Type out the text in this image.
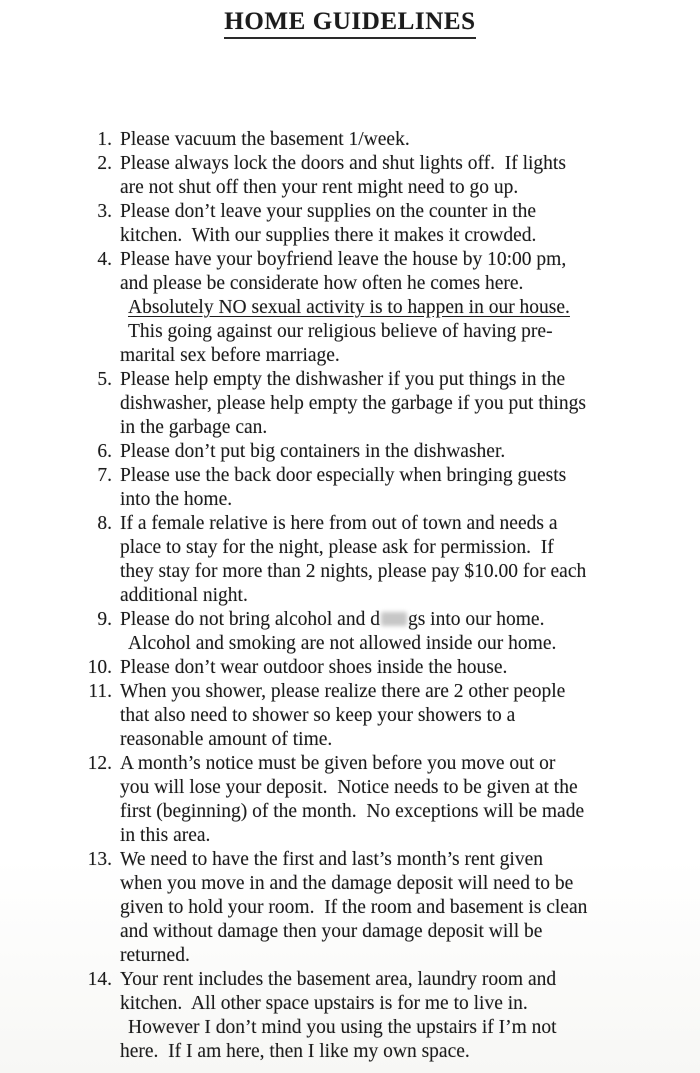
HOME GUIDELINES
1. Please vacuum the basement 1/week.
2. Please always lock the doors and shut lights off.  If lights
are not shut off then your rent might need to go up.
3. Please don’t leave your supplies on the counter in the
kitchen.  With our supplies there it makes it crowded.
4. Please have your boyfriend leave the house by 10:00 pm,
and please be considerate how often he comes here.
Absolutely NO sexual activity is to happen in our house.
This going against our religious believe of having pre-
marital sex before marriage.
5. Please help empty the dishwasher if you put things in the
dishwasher, please help empty the garbage if you put things
in the garbage can.
6. Please don’t put big containers in the dishwasher.
7. Please use the back door especially when bringing guests
into the home.
8. If a female relative is here from out of town and needs a
place to stay for the night, please ask for permission.  If
they stay for more than 2 nights, please pay $10.00 for each
additional night.
9. Please do not bring alcohol and d gs into our home.
Alcohol and smoking are not allowed inside our home.
10. Please don’t wear outdoor shoes inside the house.
11. When you shower, please realize there are 2 other people
that also need to shower so keep your showers to a
reasonable amount of time.
12. A month’s notice must be given before you move out or
you will lose your deposit.  Notice needs to be given at the
first (beginning) of the month.  No exceptions will be made
in this area.
13. We need to have the first and last’s month’s rent given
when you move in and the damage deposit will need to be
given to hold your room.  If the room and basement is clean
and without damage then your damage deposit will be
returned.
14. Your rent includes the basement area, laundry room and
kitchen.  All other space upstairs is for me to live in.
However I don’t mind you using the upstairs if I’m not
here.  If I am here, then I like my own space.
